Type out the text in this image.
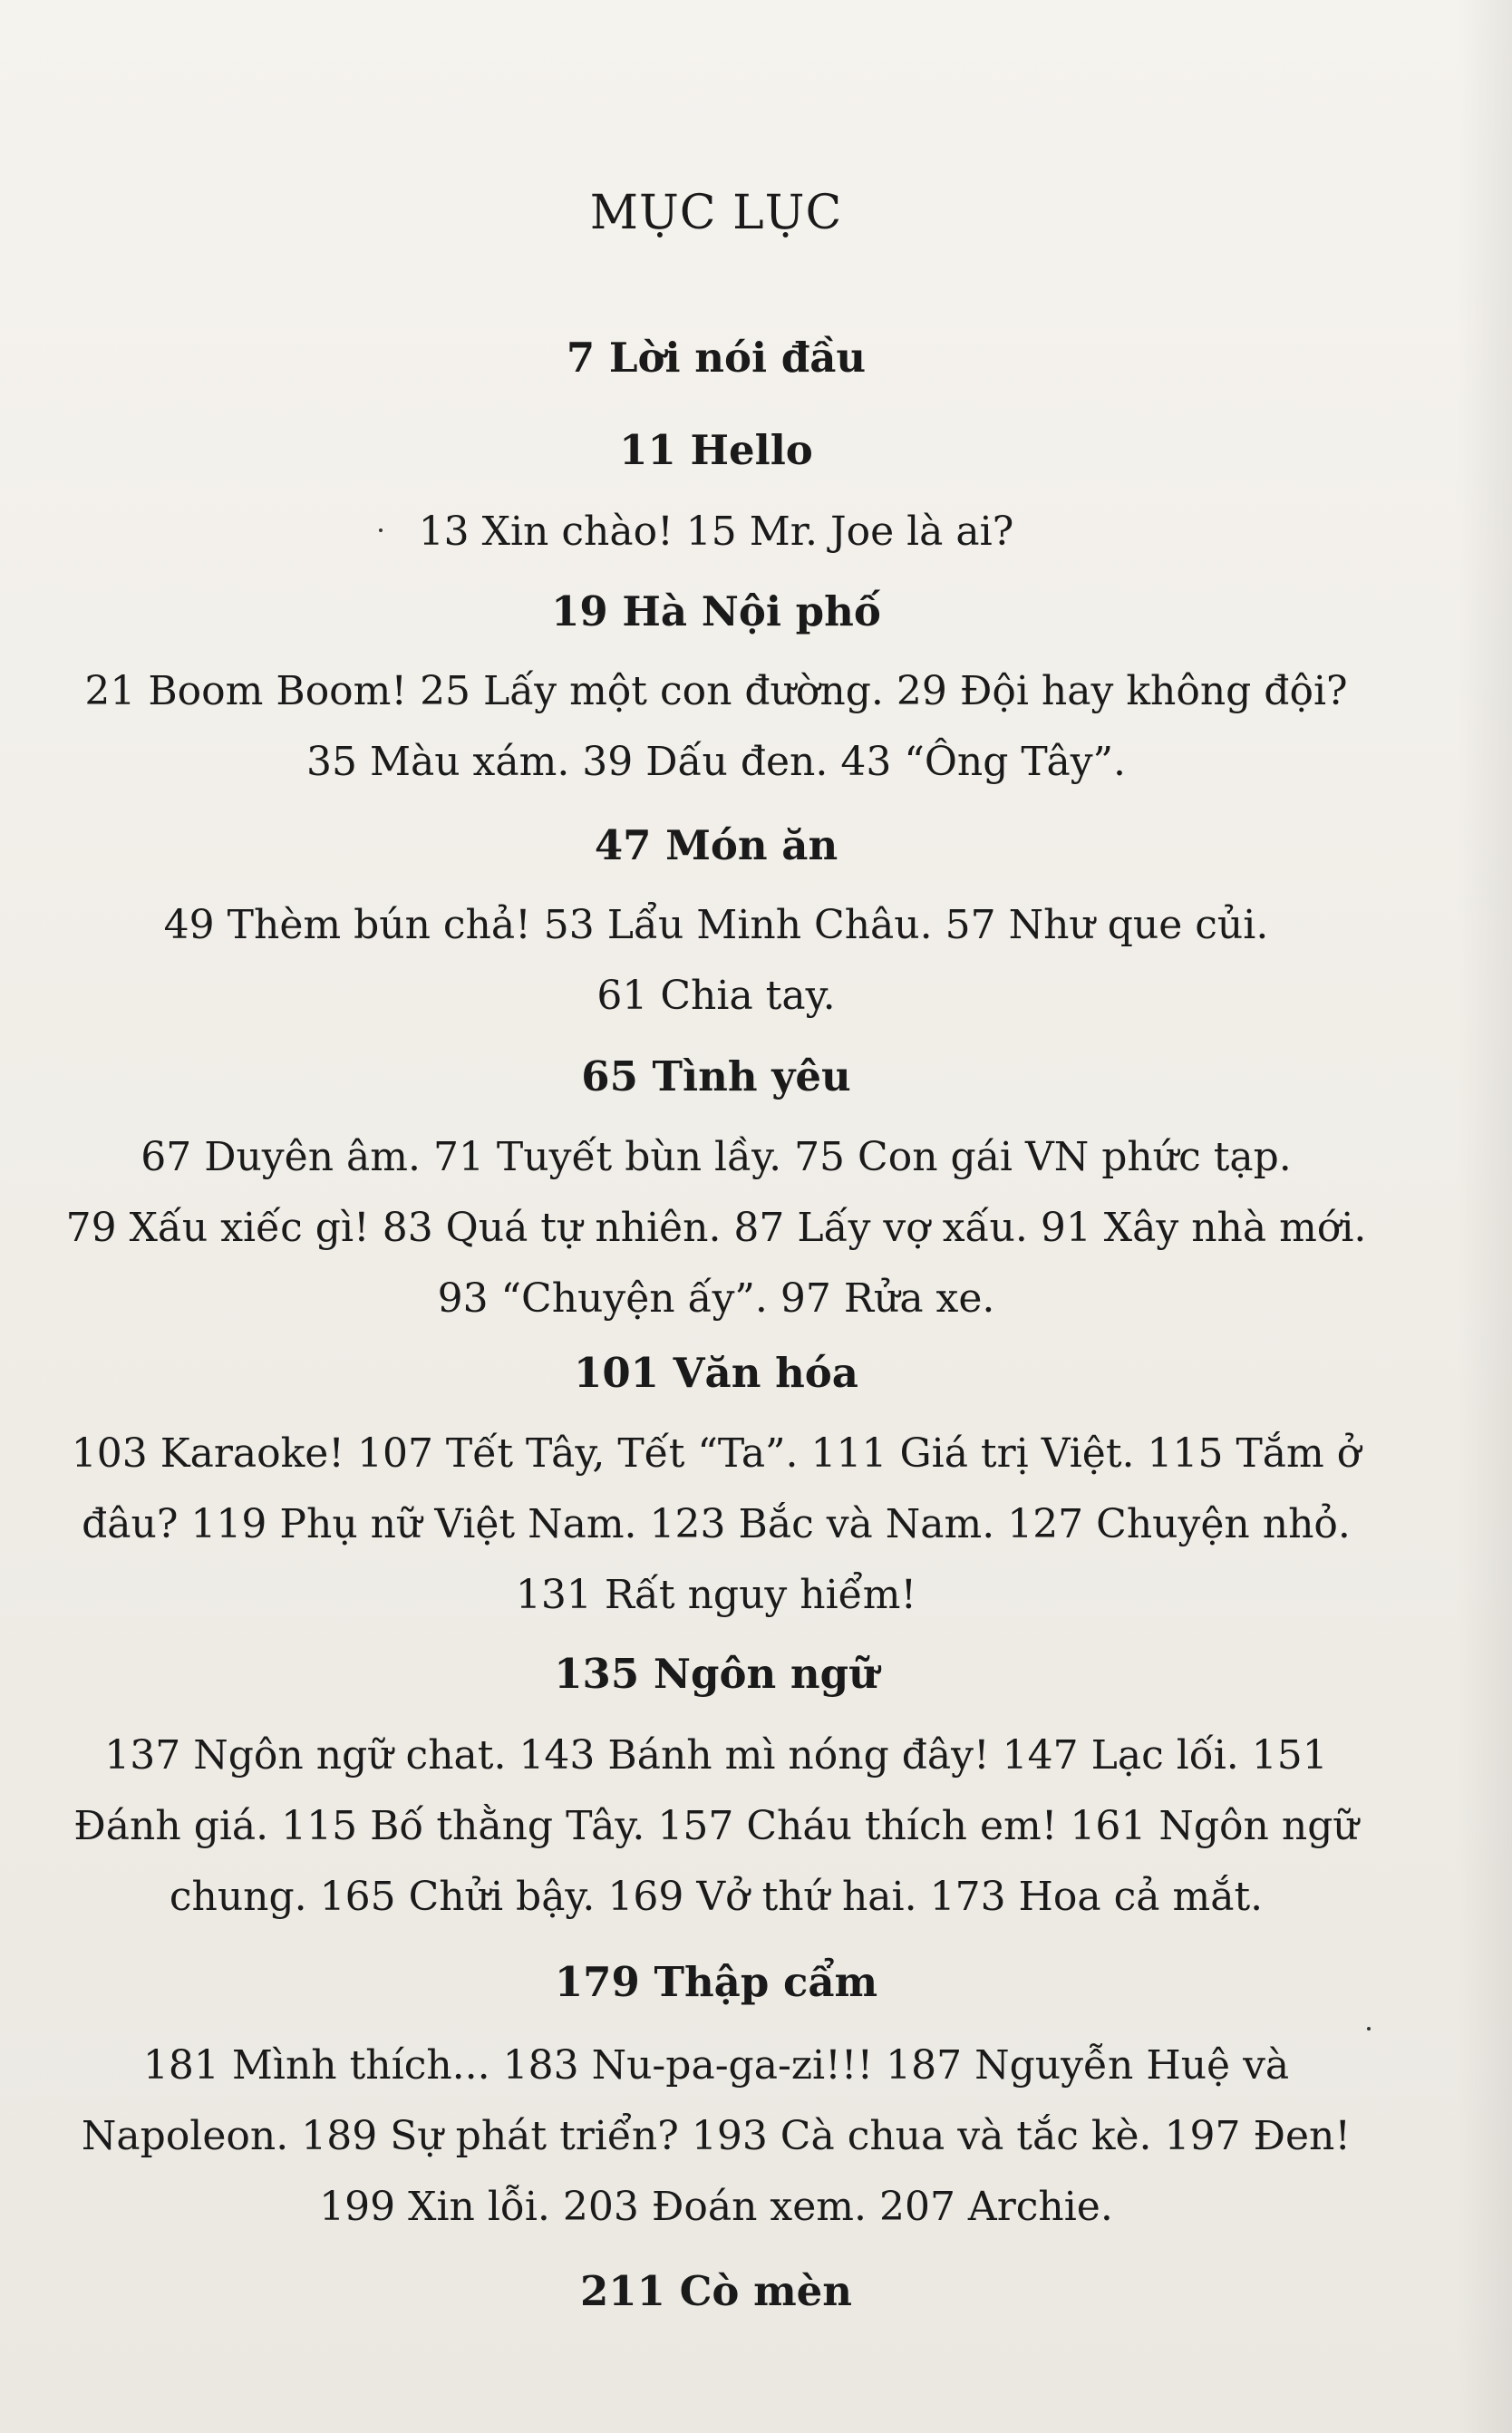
MỤC LỤC
7 Lời nói đầu
11 Hello
13 Xin chào! 15 Mr. Joe là ai?
19 Hà Nội phố
21 Boom Boom! 25 Lấy một con đường. 29 Đội hay không đội?
35 Màu xám. 39 Dấu đen. 43 “Ông Tây”.
47 Món ăn
49 Thèm bún chả! 53 Lẩu Minh Châu. 57 Như que củi.
61 Chia tay.
65 Tình yêu
67 Duyên âm. 71 Tuyết bùn lầy. 75 Con gái VN phức tạp.
79 Xấu xiếc gì! 83 Quá tự nhiên. 87 Lấy vợ xấu. 91 Xây nhà mới.
93 “Chuyện ấy”. 97 Rửa xe.
101 Văn hóa
103 Karaoke! 107 Tết Tây, Tết “Ta”. 111 Giá trị Việt. 115 Tắm ở
đâu? 119 Phụ nữ Việt Nam. 123 Bắc và Nam. 127 Chuyện nhỏ.
131 Rất nguy hiểm!
135 Ngôn ngữ
137 Ngôn ngữ chat. 143 Bánh mì nóng đây! 147 Lạc lối. 151
Đánh giá. 115 Bố thằng Tây. 157 Cháu thích em! 161 Ngôn ngữ
chung. 165 Chửi bậy. 169 Vở thứ hai. 173 Hoa cả mắt.
179 Thập cẩm
181 Mình thích... 183 Nu-pa-ga-zi!!! 187 Nguyễn Huệ và
Napoleon. 189 Sự phát triển? 193 Cà chua và tắc kè. 197 Đen!
199 Xin lỗi. 203 Đoán xem. 207 Archie.
211 Cò mèn
